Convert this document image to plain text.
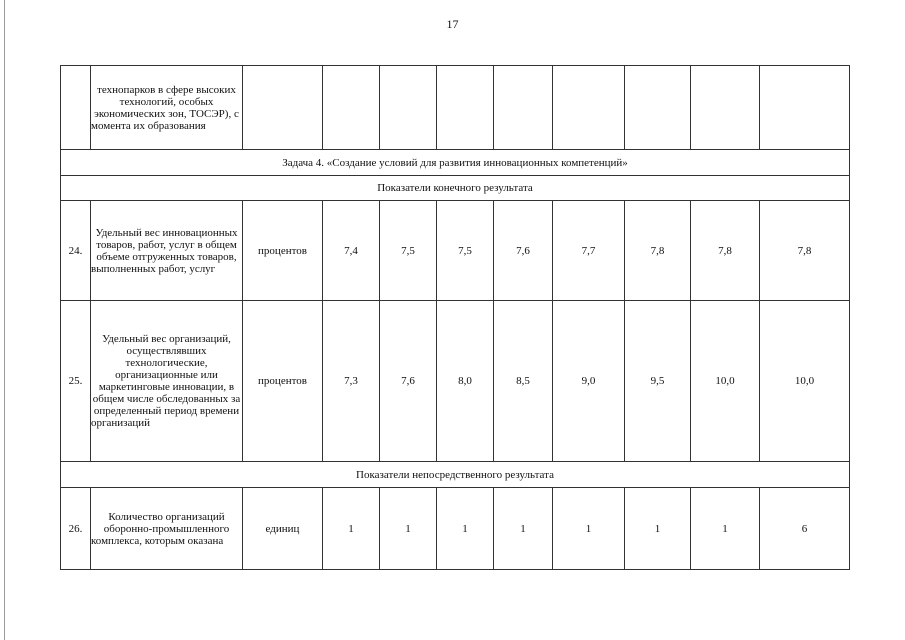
17
	технопарков в сфере высоких технологий, особых экономических зон, ТОСЭР), с момента их образования									
Задача 4. «Создание условий для развития инновационных компетенций»										
Показатели конечного результата										
24.	Удельный вес инновационных товаров, работ, услуг в общем объеме отгруженных товаров, выполненных работ, услуг	процентов	7,4	7,5	7,5	7,6	7,7	7,8	7,8	7,8
25.	Удельный вес организаций, осуществлявших технологические, организационные или маркетинговые инновации, в общем числе обследованных за определенный период времени организаций	процентов	7,3	7,6	8,0	8,5	9,0	9,5	10,0	10,0
Показатели непосредственного результата										
26.	Количество организаций оборонно-промышленного комплекса, которым оказана	единиц	1	1	1	1	1	1	1	6
